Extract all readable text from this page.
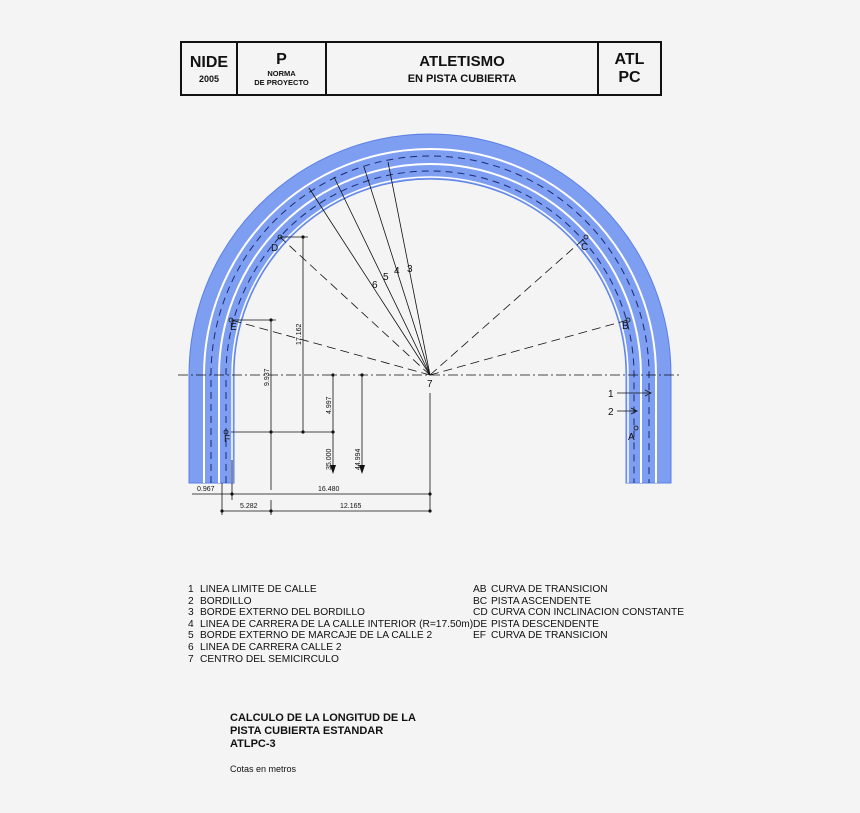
NIDE
2005
P
NORMA
DE PROYECTO
ATLETISMO
EN PISTA CUBIERTA
ATL
PC
D	C
E	B
F	A
7
3
4
5
6
1
2
17.162
9.937
4.997
35.000	44.994
0.967	16.480
5.282	12.165
1 LINEA LIMITE DE CALLE
2 BORDILLO
3 BORDE EXTERNO DEL BORDILLO
4 LINEA DE CARRERA DE LA CALLE INTERIOR (R=17.50m)
5 BORDE EXTERNO DE MARCAJE DE LA CALLE 2
6 LINEA DE CARRERA CALLE 2
7 CENTRO DEL SEMICIRCULO
AB CURVA DE TRANSICION
BC PISTA ASCENDENTE
CD CURVA CON INCLINACION CONSTANTE
DE PISTA DESCENDENTE
EF CURVA DE TRANSICION
CALCULO DE LA LONGITUD DE LA
PISTA CUBIERTA ESTANDAR
ATLPC-3
Cotas en metros
